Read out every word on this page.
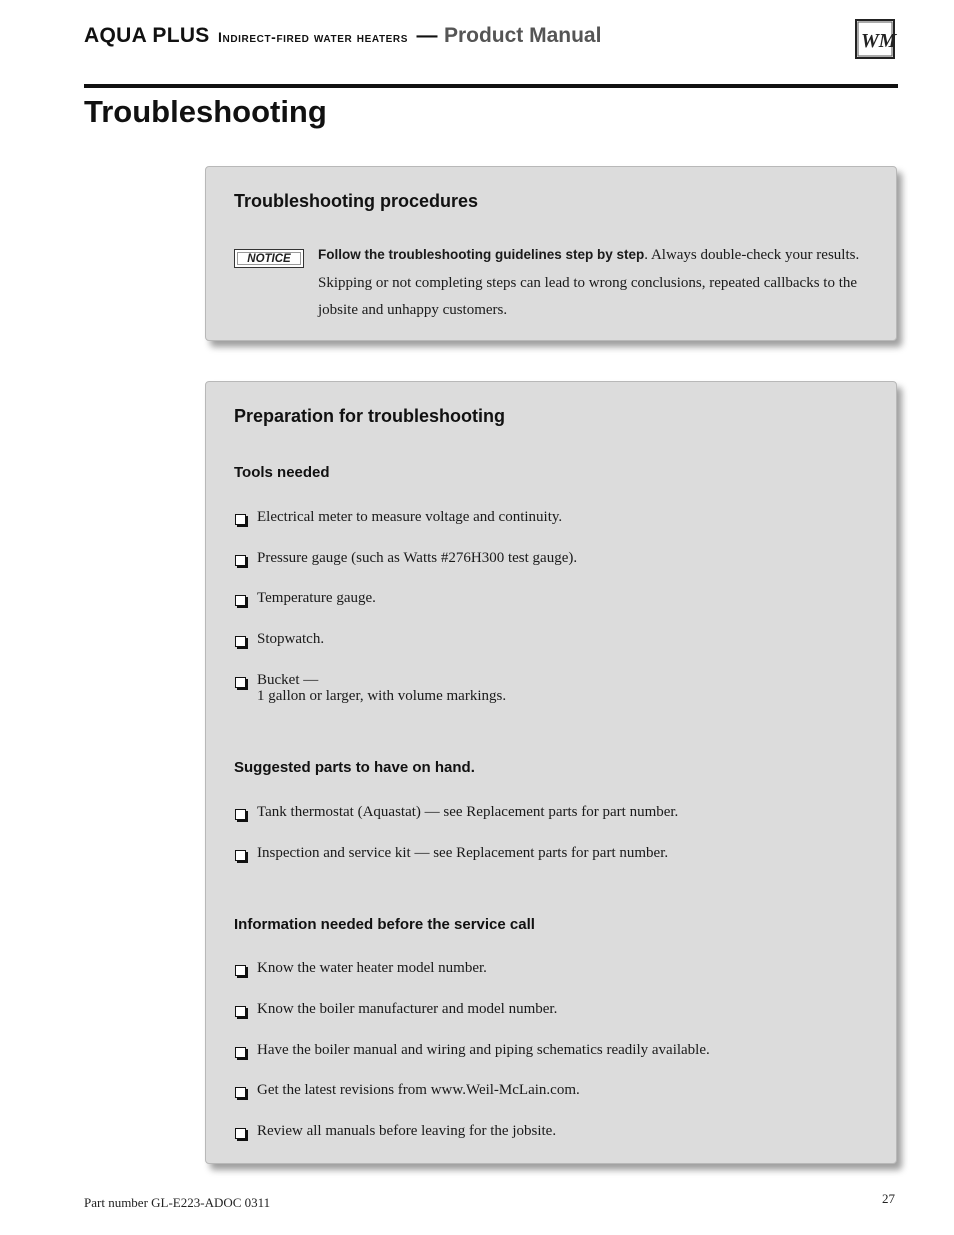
AQUA PLUS Indirect-fired water heaters — Product Manual	WM
Troubleshooting
Troubleshooting procedures
NOTICE	Follow the troubleshooting guidelines step by step. Always double-check your results. Skipping or not completing steps can lead to wrong conclusions, repeated callbacks to the jobsite and unhappy customers.
Preparation for troubleshooting
Tools needed
Electrical meter to measure voltage and continuity.
Pressure gauge (such as Watts #276H300 test gauge).
Temperature gauge.
Stopwatch.
Bucket —
1 gallon or larger, with volume markings.
Suggested parts to have on hand.
Tank thermostat (Aquastat) — see Replacement parts for part number.
Inspection and service kit — see Replacement parts for part number.
Information needed before the service call
Know the water heater model number.
Know the boiler manufacturer and model number.
Have the boiler manual and wiring and piping schematics readily available.
Get the latest revisions from www.Weil-McLain.com.
Review all manuals before leaving for the jobsite.
Part number GL-E223-ADOC 0311	27
